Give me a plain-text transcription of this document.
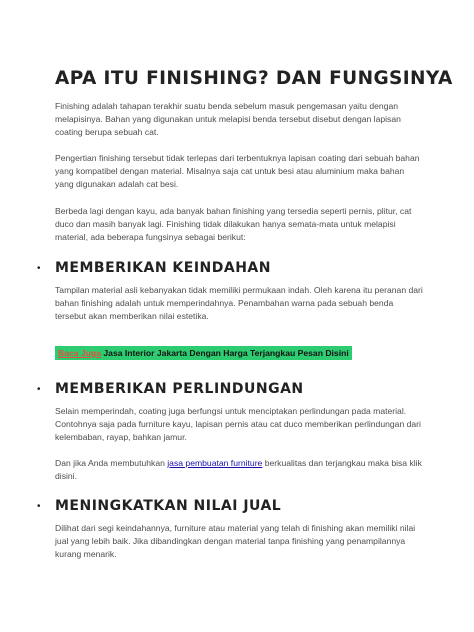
APA ITU FINISHING? DAN FUNGSINYA

Finishing adalah tahapan terakhir suatu benda sebelum masuk pengemasan yaitu dengan melapisinya. Bahan yang digunakan untuk melapisi benda tersebut disebut dengan lapisan coating berupa sebuah cat.

Pengertian finishing tersebut tidak terlepas dari terbentuknya lapisan coating dari sebuah bahan yang kompatibel dengan material. Misalnya saja cat untuk besi atau aluminium maka bahan yang digunakan adalah cat besi.

Berbeda lagi dengan kayu, ada banyak bahan finishing yang tersedia seperti pernis, plitur, cat duco dan masih banyak lagi. Finishing tidak dilakukan hanya semata-mata untuk melapisi material, ada beberapa fungsinya sebagai berikut:

•	MEMBERIKAN KEINDAHAN

Tampilan material asli kebanyakan tidak memiliki permukaan indah. Oleh karena itu peranan dari bahan finishing adalah untuk memperindahnya. Penambahan warna pada sebuah benda tersebut akan memberikan nilai estetika.

Baca Juga Jasa Interior Jakarta Dengan Harga Terjangkau Pesan Disini
•	MEMBERIKAN PERLINDUNGAN

Selain memperindah, coating juga berfungsi untuk menciptakan perlindungan pada material. Contohnya saja pada furniture kayu, lapisan pernis atau cat duco memberikan perlindungan dari kelembaban, rayap, bahkan jamur.

Dan jika Anda membutuhkan jasa pembuatan furniture berkualitas dan terjangkau maka bisa klik disini.

•	MENINGKATKAN NILAI JUAL

Dilihat dari segi keindahannya, furniture atau material yang telah di finishing akan memiliki nilai jual yang lebih baik. Jika dibandingkan dengan material tanpa finishing yang penampilannya kurang menarik.
